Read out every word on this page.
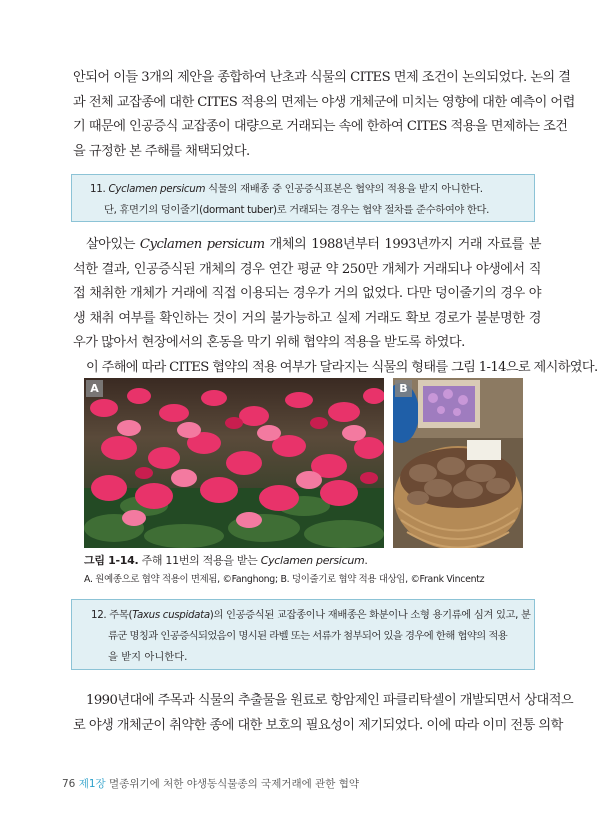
안되어 이들 3개의 제안을 종합하여 난초과 식물의 CITES 면제 조건이 논의되었다. 논의 결

과 전체 교잡종에 대한 CITES 적용의 면제는 야생 개체군에 미치는 영향에 대한 예측이 어렵

기 때문에 인공증식 교잡종이 대량으로 거래되는 속에 한하여 CITES 적용을 면제하는 조건

을 규정한 본 주해를 채택되었다.

11. Cyclamen persicum 식물의 재배종 중 인공증식표본은 협약의 적용을 받지 아니한다.
단, 휴면기의 덩이줄기(dormant tuber)로 거래되는 경우는 협약 절차를 준수하여야 한다.

살아있는 Cyclamen persicum 개체의 1988년부터 1993년까지 거래 자료를 분석한 결과, 인공증식된 개체의 경우 연간 평균 약 250만 개체가 거래되나 야생에서 직접 채취한 개체가 거래에 직접 이용되는 경우가 거의 없었다. 다만 덩이줄기의 경우 야생 채취 여부를 확인하는 것이 거의 불가능하고 실제 거래도 확보 경로가 불분명한 경우가 많아서 현장에서의 혼동을 막기 위해 협약의 적용을 받도록 하였다.

이 주해에 따라 CITES 협약의 적용 여부가 달라지는 식물의 형태를 그림 1-14으로 제시하였다.

A	B
그림 1-14. 주해 11번의 적용을 받는 Cyclamen persicum.
A. 원예종으로 협약 적용이 면제됨, ©Fanghong; B. 덩이줄기로 협약 적용 대상임, ©Frank Vincentz
12. 주목(Taxus cuspidata)의 인공증식된 교잡종이나 재배종은 화분이나 소형 용기류에 심겨 있고, 분
류군 명칭과 인공증식되었음이 명시된 라벨 또는 서류가 첨부되어 있을 경우에 한해 협약의 적용
을 받지 아니한다.

1990년대에 주목과 식물의 추출물을 원료로 항암제인 파클리탁셀이 개발되면서 상대적으

로 야생 개체군이 취약한 종에 대한 보호의 필요성이 제기되었다. 이에 따라 이미 전통 의학

76 제1장 멸종위기에 처한 야생동식물종의 국제거래에 관한 협약
